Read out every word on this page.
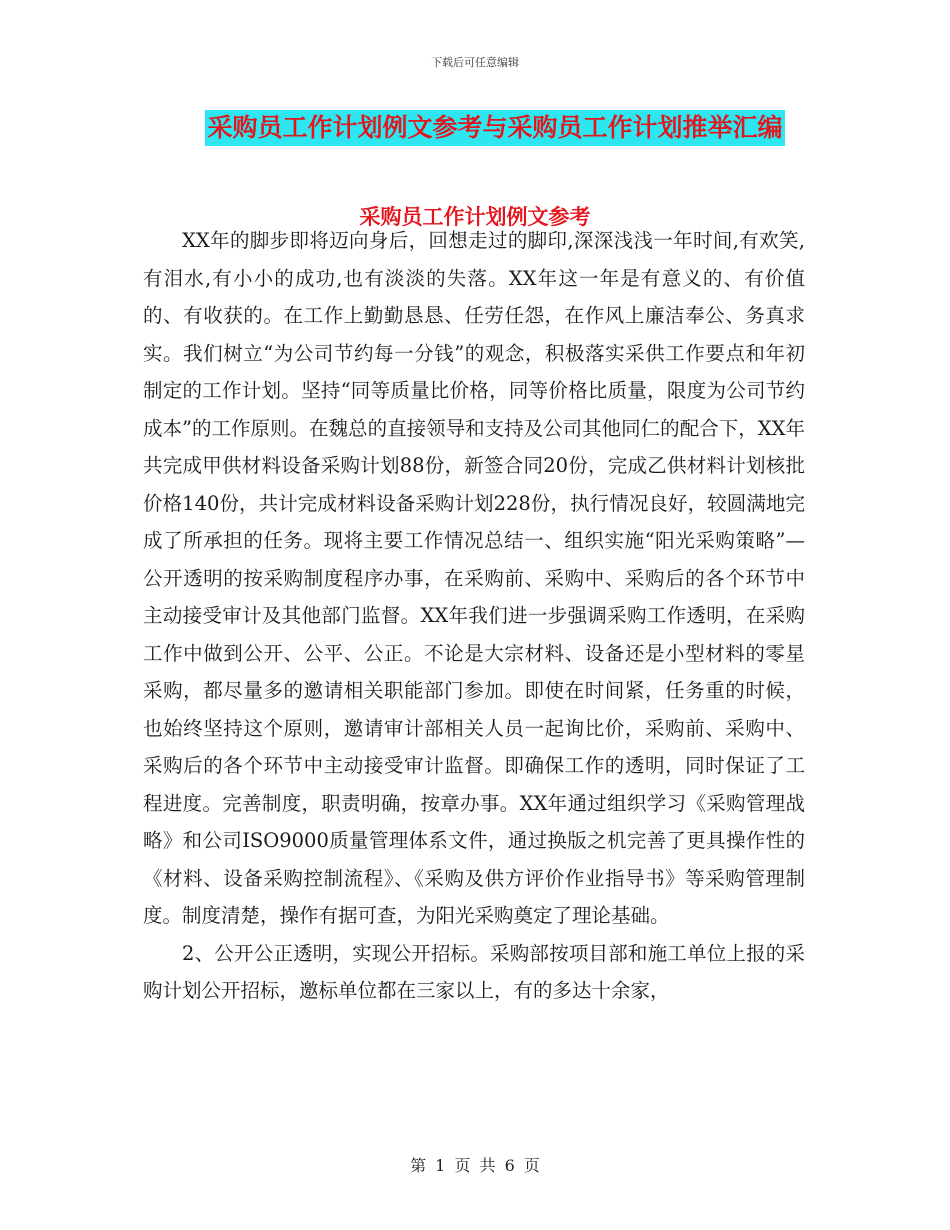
下载后可任意编辑
采购员工作计划例文参考与采购员工作计划推举汇编
采购员工作计划例文参考

XX年的脚步即将迈向身后，回想走过的脚印,深深浅浅一年时间,有欢笑,有泪水,有小小的成功,也有淡淡的失落。XX年这一年是有意义的、有价值的、有收获的。在工作上勤勤恳恳、任劳任怨，在作风上廉洁奉公、务真求实。我们树立“为公司节约每一分钱”的观念，积极落实采供工作要点和年初制定的工作计划。坚持“同等质量比价格，同等价格比质量，限度为公司节约成本”的工作原则。在魏总的直接领导和支持及公司其他同仁的配合下，XX年共完成甲供材料设备采购计划88份，新签合同20份，完成乙供材料计划核批价格140份，共计完成材料设备采购计划228份，执行情况良好，较圆满地完成了所承担的任务。现将主要工作情况总结一、组织实施“阳光采购策略”—公开透明的按采购制度程序办事，在采购前、采购中、采购后的各个环节中主动接受审计及其他部门监督。XX年我们进一步强调采购工作透明，在采购工作中做到公开、公平、公正。不论是大宗材料、设备还是小型材料的零星采购，都尽量多的邀请相关职能部门参加。即使在时间紧，任务重的时候，也始终坚持这个原则，邀请审计部相关人员一起询比价，采购前、采购中、采购后的各个环节中主动接受审计监督。即确保工作的透明，同时保证了工程进度。完善制度，职责明确，按章办事。XX年通过组织学习《采购管理战略》和公司ISO9000质量管理体系文件，通过换版之机完善了更具操作性的《材料、设备采购控制流程》、《采购及供方评价作业指导书》等采购管理制度。制度清楚，操作有据可查，为阳光采购奠定了理论基础。

2、公开公正透明，实现公开招标。采购部按项目部和施工单位上报的采购计划公开招标，邀标单位都在三家以上，有的多达十余家，

第 1 页 共 6 页
